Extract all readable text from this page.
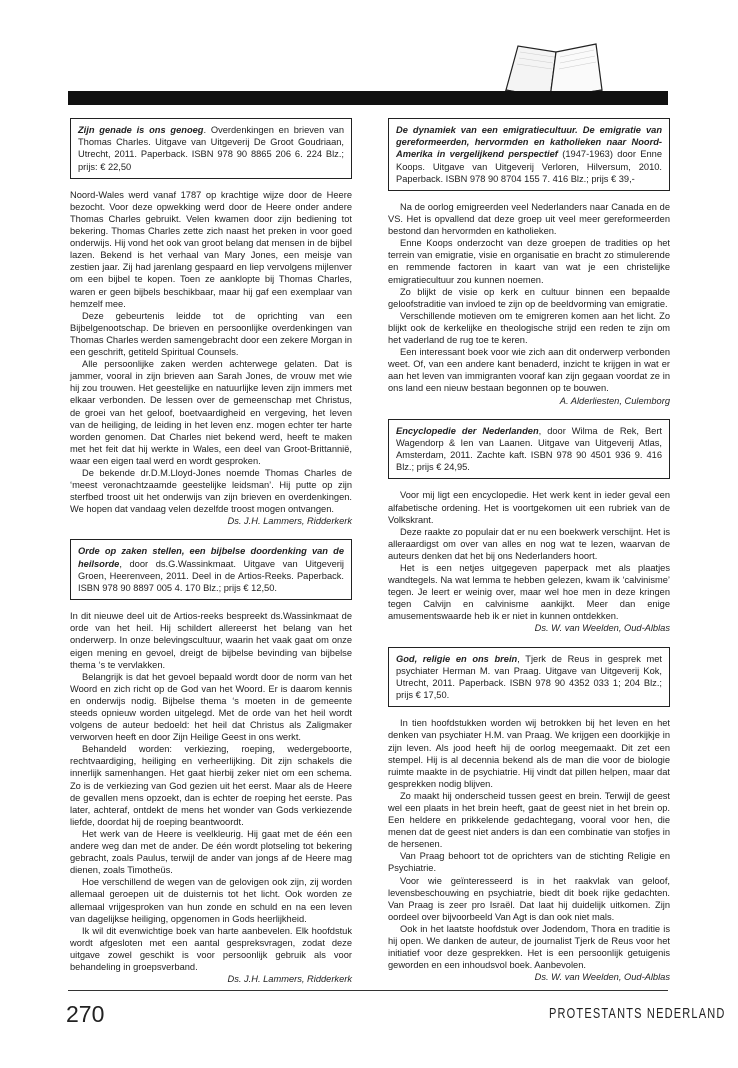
Zijn genade is ons genoeg. Overdenkingen en brieven van Thomas Charles. Uitgave van Uitgeverij De Groot Goudriaan, Utrecht, 2011. Paperback. ISBN 978 90 8865 206 6. 224 Blz.; prijs: € 22,50

Noord-Wales werd vanaf 1787 op krachtige wijze door de Heere bezocht. Voor deze opwekking werd door de Heere onder andere Thomas Charles gebruikt. Velen kwamen door zijn bediening tot bekering. Thomas Charles zette zich naast het preken in voor goed onderwijs. Hij vond het ook van groot belang dat mensen in de bijbel lazen. Bekend is het verhaal van Mary Jones, een meisje van zestien jaar. Zij had jarenlang gespaard en liep vervolgens mijlenver om een bijbel te kopen. Toen ze aanklopte bij Thomas Charles, waren er geen bijbels beschikbaar, maar hij gaf een exemplaar van hemzelf mee.

Deze gebeurtenis leidde tot de oprichting van een Bijbelgenootschap. De brieven en persoonlijke overdenkingen van Thomas Charles werden samengebracht door een zekere Morgan in een geschrift, getiteld Spiritual Counsels.

Alle persoonlijke zaken werden achterwege gelaten. Dat is jammer, vooral in zijn brieven aan Sarah Jones, de vrouw met wie hij zou trouwen. Het geestelijke en natuurlijke leven zijn immers met elkaar verbonden. De lessen over de gemeenschap met Christus, de groei van het geloof, boetvaardigheid en vergeving, het leven van de heiliging, de leiding in het leven enz. mogen echter ter harte worden genomen. Dat Charles niet bekend werd, heeft te maken met het feit dat hij werkte in Wales, een deel van Groot-Brittannië, waar een eigen taal werd en wordt gesproken.

De bekende dr.D.M.Lloyd-Jones noemde Thomas Charles de ‘meest veronachtzaamde geestelijke leidsman’. Hij putte op zijn sterfbed troost uit het onderwijs van zijn brieven en overdenkingen. We hopen dat vandaag velen dezelfde troost mogen ontvangen.

Ds. J.H. Lammers, Ridderkerk
Orde op zaken stellen, een bijbelse doordenking van de heilsorde, door ds.G.Wassinkmaat. Uitgave van Uitgeverij Groen, Heerenveen, 2011. Deel in de Artios-Reeks. Paperback. ISBN 978 90 8897 005 4. 170 Blz.; prijs € 12,50.

In dit nieuwe deel uit de Artios-reeks bespreekt ds.Wassinkmaat de orde van het heil. Hij schildert allereerst het belang van het onderwerp. In onze belevingscultuur, waarin het vaak gaat om onze eigen mening en gevoel, dreigt de bijbelse bevinding van bijbelse thema ‘s te vervlakken.

Belangrijk is dat het gevoel bepaald wordt door de norm van het Woord en zich richt op de God van het Woord. Er is daarom kennis en onderwijs nodig. Bijbelse thema ‘s moeten in de gemeente steeds opnieuw worden uitgelegd. Met de orde van het heil wordt volgens de auteur bedoeld: het heil dat Christus als Zaligmaker verworven heeft en door Zijn Heilige Geest in ons werkt.

Behandeld worden: verkiezing, roeping, wedergeboorte, rechtvaardiging, heiliging en verheerlijking. Dit zijn schakels die innerlijk samenhangen. Het gaat hierbij zeker niet om een schema. Zo is de verkiezing van God gezien uit het eerst. Maar als de Heere de gevallen mens opzoekt, dan is echter de roeping het eerste. Pas later, achteraf, ontdekt de mens het wonder van Gods verkiezende liefde, doordat hij de roeping beantwoordt.

Het werk van de Heere is veelkleurig. Hij gaat met de één een andere weg dan met de ander. De één wordt plotseling tot bekering gebracht, zoals Paulus, terwijl de ander van jongs af de Heere mag dienen, zoals Timotheüs.

Hoe verschillend de wegen van de gelovigen ook zijn, zij worden allemaal geroepen uit de duisternis tot het licht. Ook worden ze allemaal vrijgesproken van hun zonde en schuld en na een leven van dagelijkse heiliging, opgenomen in Gods heerlijkheid.

Ik wil dit evenwichtige boek van harte aanbevelen. Elk hoofdstuk wordt afgesloten met een aantal gespreksvragen, zodat deze uitgave zowel geschikt is voor persoonlijk gebruik als voor behandeling in groepsverband.

Ds. J.H. Lammers, Ridderkerk
De dynamiek van een emigratiecultuur. De emigratie van gereformeerden, hervormden en katholieken naar Noord-Amerika in vergelijkend perspectief (1947-1963) door Enne Koops. Uitgave van Uitgeverij Verloren, Hilversum, 2010. Paperback. ISBN 978 90 8704 155 7. 416 Blz.; prijs € 39,-

Na de oorlog emigreerden veel Nederlanders naar Canada en de VS. Het is opvallend dat deze groep uit veel meer gereformeerden bestond dan hervormden en katholieken.

Enne Koops onderzocht van deze groepen de tradities op het terrein van emigratie, visie en organisatie en bracht zo stimulerende en remmende factoren in kaart van wat je een christelijke emigratiecultuur zou kunnen noemen.

Zo blijkt de visie op kerk en cultuur binnen een bepaalde geloofstraditie van invloed te zijn op de beeldvorming van emigratie.

Verschillende motieven om te emigreren komen aan het licht. Zo blijkt ook de kerkelijke en theologische strijd een reden te zijn om het vaderland de rug toe te keren.

Een interessant boek voor wie zich aan dit onderwerp verbonden weet. Of, van een andere kant benaderd, inzicht te krijgen in wat er aan het leven van immigranten vooraf kan zijn gegaan voordat ze in ons land een nieuw bestaan begonnen op te bouwen.

A. Alderliesten, Culemborg
Encyclopedie der Nederlanden, door Wilma de Rek, Bert Wagendorp & Ien van Laanen. Uitgave van Uitgeverij Atlas, Amsterdam, 2011. Zachte kaft. ISBN 978 90 4501 936 9. 416 Blz.; prijs € 24,95.

Voor mij ligt een encyclopedie. Het werk kent in ieder geval een alfabetische ordening. Het is voortgekomen uit een rubriek van de Volkskrant.

Deze raakte zo populair dat er nu een boekwerk verschijnt. Het is alleraardigst om over van alles en nog wat te lezen, waarvan de auteurs denken dat het bij ons Nederlanders hoort.

Het is een netjes uitgegeven paperpack met als plaatjes wandtegels. Na wat lemma te hebben gelezen, kwam ik ‘calvinisme’ tegen. Je leert er weinig over, maar wel hoe men in deze kringen tegen Calvijn en calvinisme aankijkt. Meer dan enige amusementswaarde heb ik er niet in kunnen ontdekken.

Ds. W. van Weelden, Oud-Alblas
God, religie en ons brein, Tjerk de Reus in gesprek met psychiater Herman M. van Praag. Uitgave van Uitgeverij Kok, Utrecht, 2011. Paperback. ISBN 978 90 4352 033 1; 204 Blz.; prijs € 17,50.

In tien hoofdstukken worden wij betrokken bij het leven en het denken van psychiater H.M. van Praag. We krijgen een doorkijkje in zijn leven. Als jood heeft hij de oorlog meegemaakt. Dit zet een stempel. Hij is al decennia bekend als de man die voor de biologie ruimte maakte in de psychiatrie. Hij vindt dat pillen helpen, maar dat gesprekken nodig blijven.

Zo maakt hij onderscheid tussen geest en brein. Terwijl de geest wel een plaats in het brein heeft, gaat de geest niet in het brein op. Een heldere en prikkelende gedachtegang, vooral voor hen, die menen dat de geest niet anders is dan een combinatie van stofjes in de hersenen.

Van Praag behoort tot de oprichters van de stichting Religie en Psychiatrie.

Voor wie geïnteresseerd is in het raakvlak van geloof, levensbeschouwing en psychiatrie, biedt dit boek rijke gedachten. Van Praag is zeer pro Israël. Dat laat hij duidelijk uitkomen. Zijn oordeel over bijvoorbeeld Van Agt is dan ook niet mals.

Ook in het laatste hoofdstuk over Jodendom, Thora en traditie is hij open. We danken de auteur, de journalist Tjerk de Reus voor het initiatief voor deze gesprekken. Het is een persoonlijk getuigenis geworden en een inhoudsvol boek. Aanbevolen.

Ds. W. van Weelden, Oud-Alblas
270	PROTESTANTS NEDERLAND
